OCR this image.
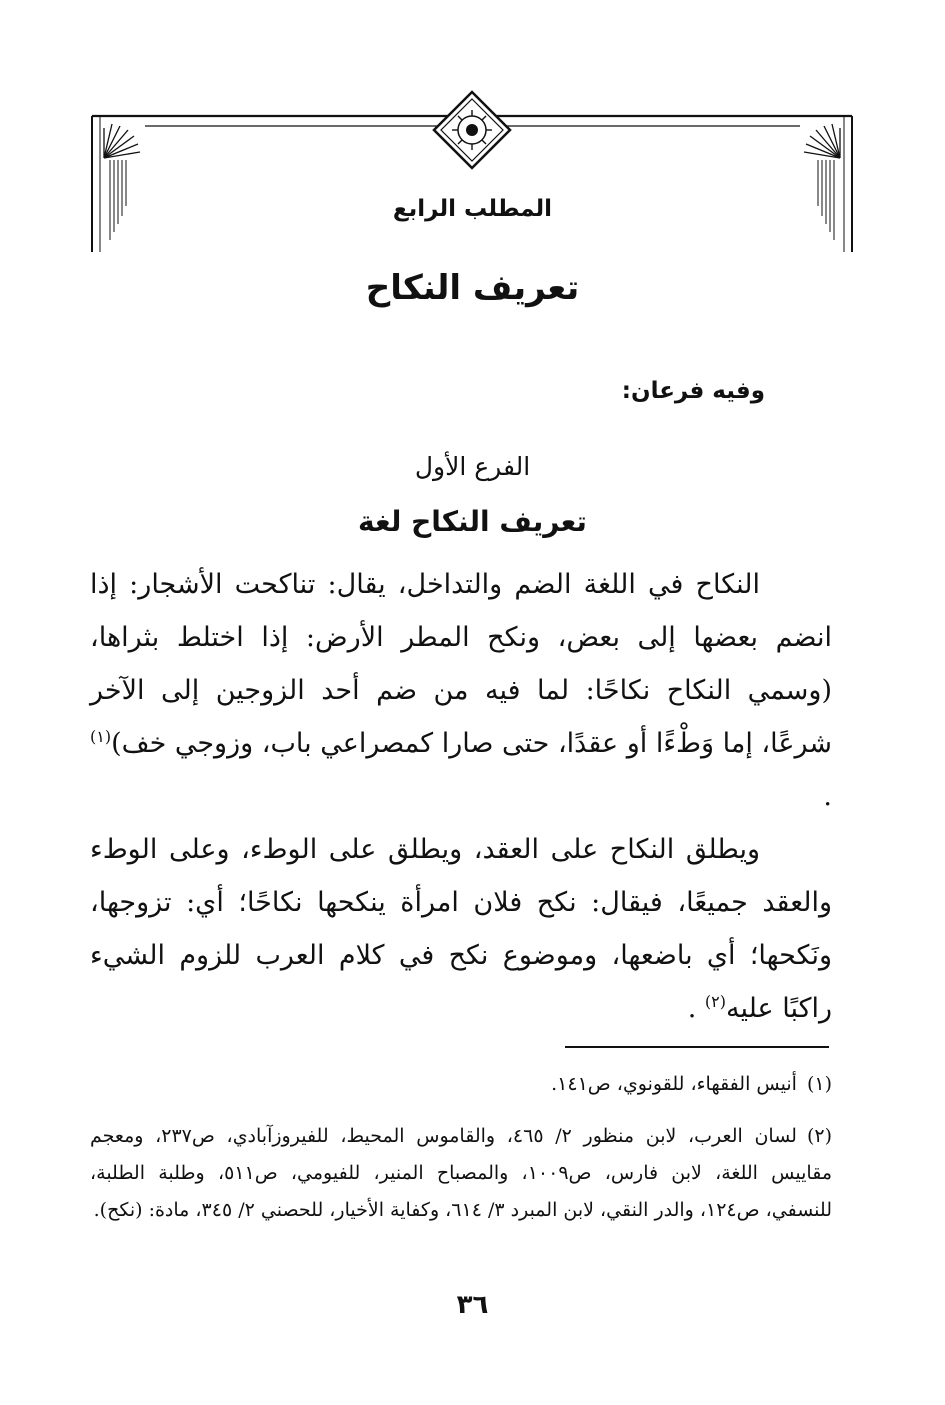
المطلب الرابع
تعريف النكاح
وفيه فرعان:
الفرع الأول
تعريف النكاح لغة
النكاح في اللغة الضم والتداخل، يقال: تناكحت الأشجار: إذا انضم بعضها إلى بعض، ونكح المطر الأرض: إذا اختلط بثراها، (وسمي النكاح نكاحًا: لما فيه من ضم أحد الزوجين إلى الآخر شرعًا، إما وَطْءًا أو عقدًا، حتى صارا كمصراعي باب، وزوجي خف)$^{(١)}$ .
ويطلق النكاح على العقد، ويطلق على الوطء، وعلى الوطء والعقد جميعًا، فيقال: نكح فلان امرأة ينكحها نكاحًا؛ أي: تزوجها، ونَكحها؛ أي باضعها، وموضوع نكح في كلام العرب للزوم الشيء راكبًا عليه$^{(٢)}$ .
(١)أنيس الفقهاء، للقونوي، ص١٤١.
(٢)لسان العرب، لابن منظور ٢/ ٤٦٥، والقاموس المحيط، للفيروزآبادي، ص٢٣٧، ومعجم مقاييس اللغة، لابن فارس، ص١٠٠٩، والمصباح المنير، للفيومي، ص٥١١، وطلبة الطلبة، للنسفي، ص١٢٤، والدر النقي، لابن المبرد ٣/ ٦١٤، وكفاية الأخيار، للحصني ٢/ ٣٤٥، مادة: (نكح).
٣٦
